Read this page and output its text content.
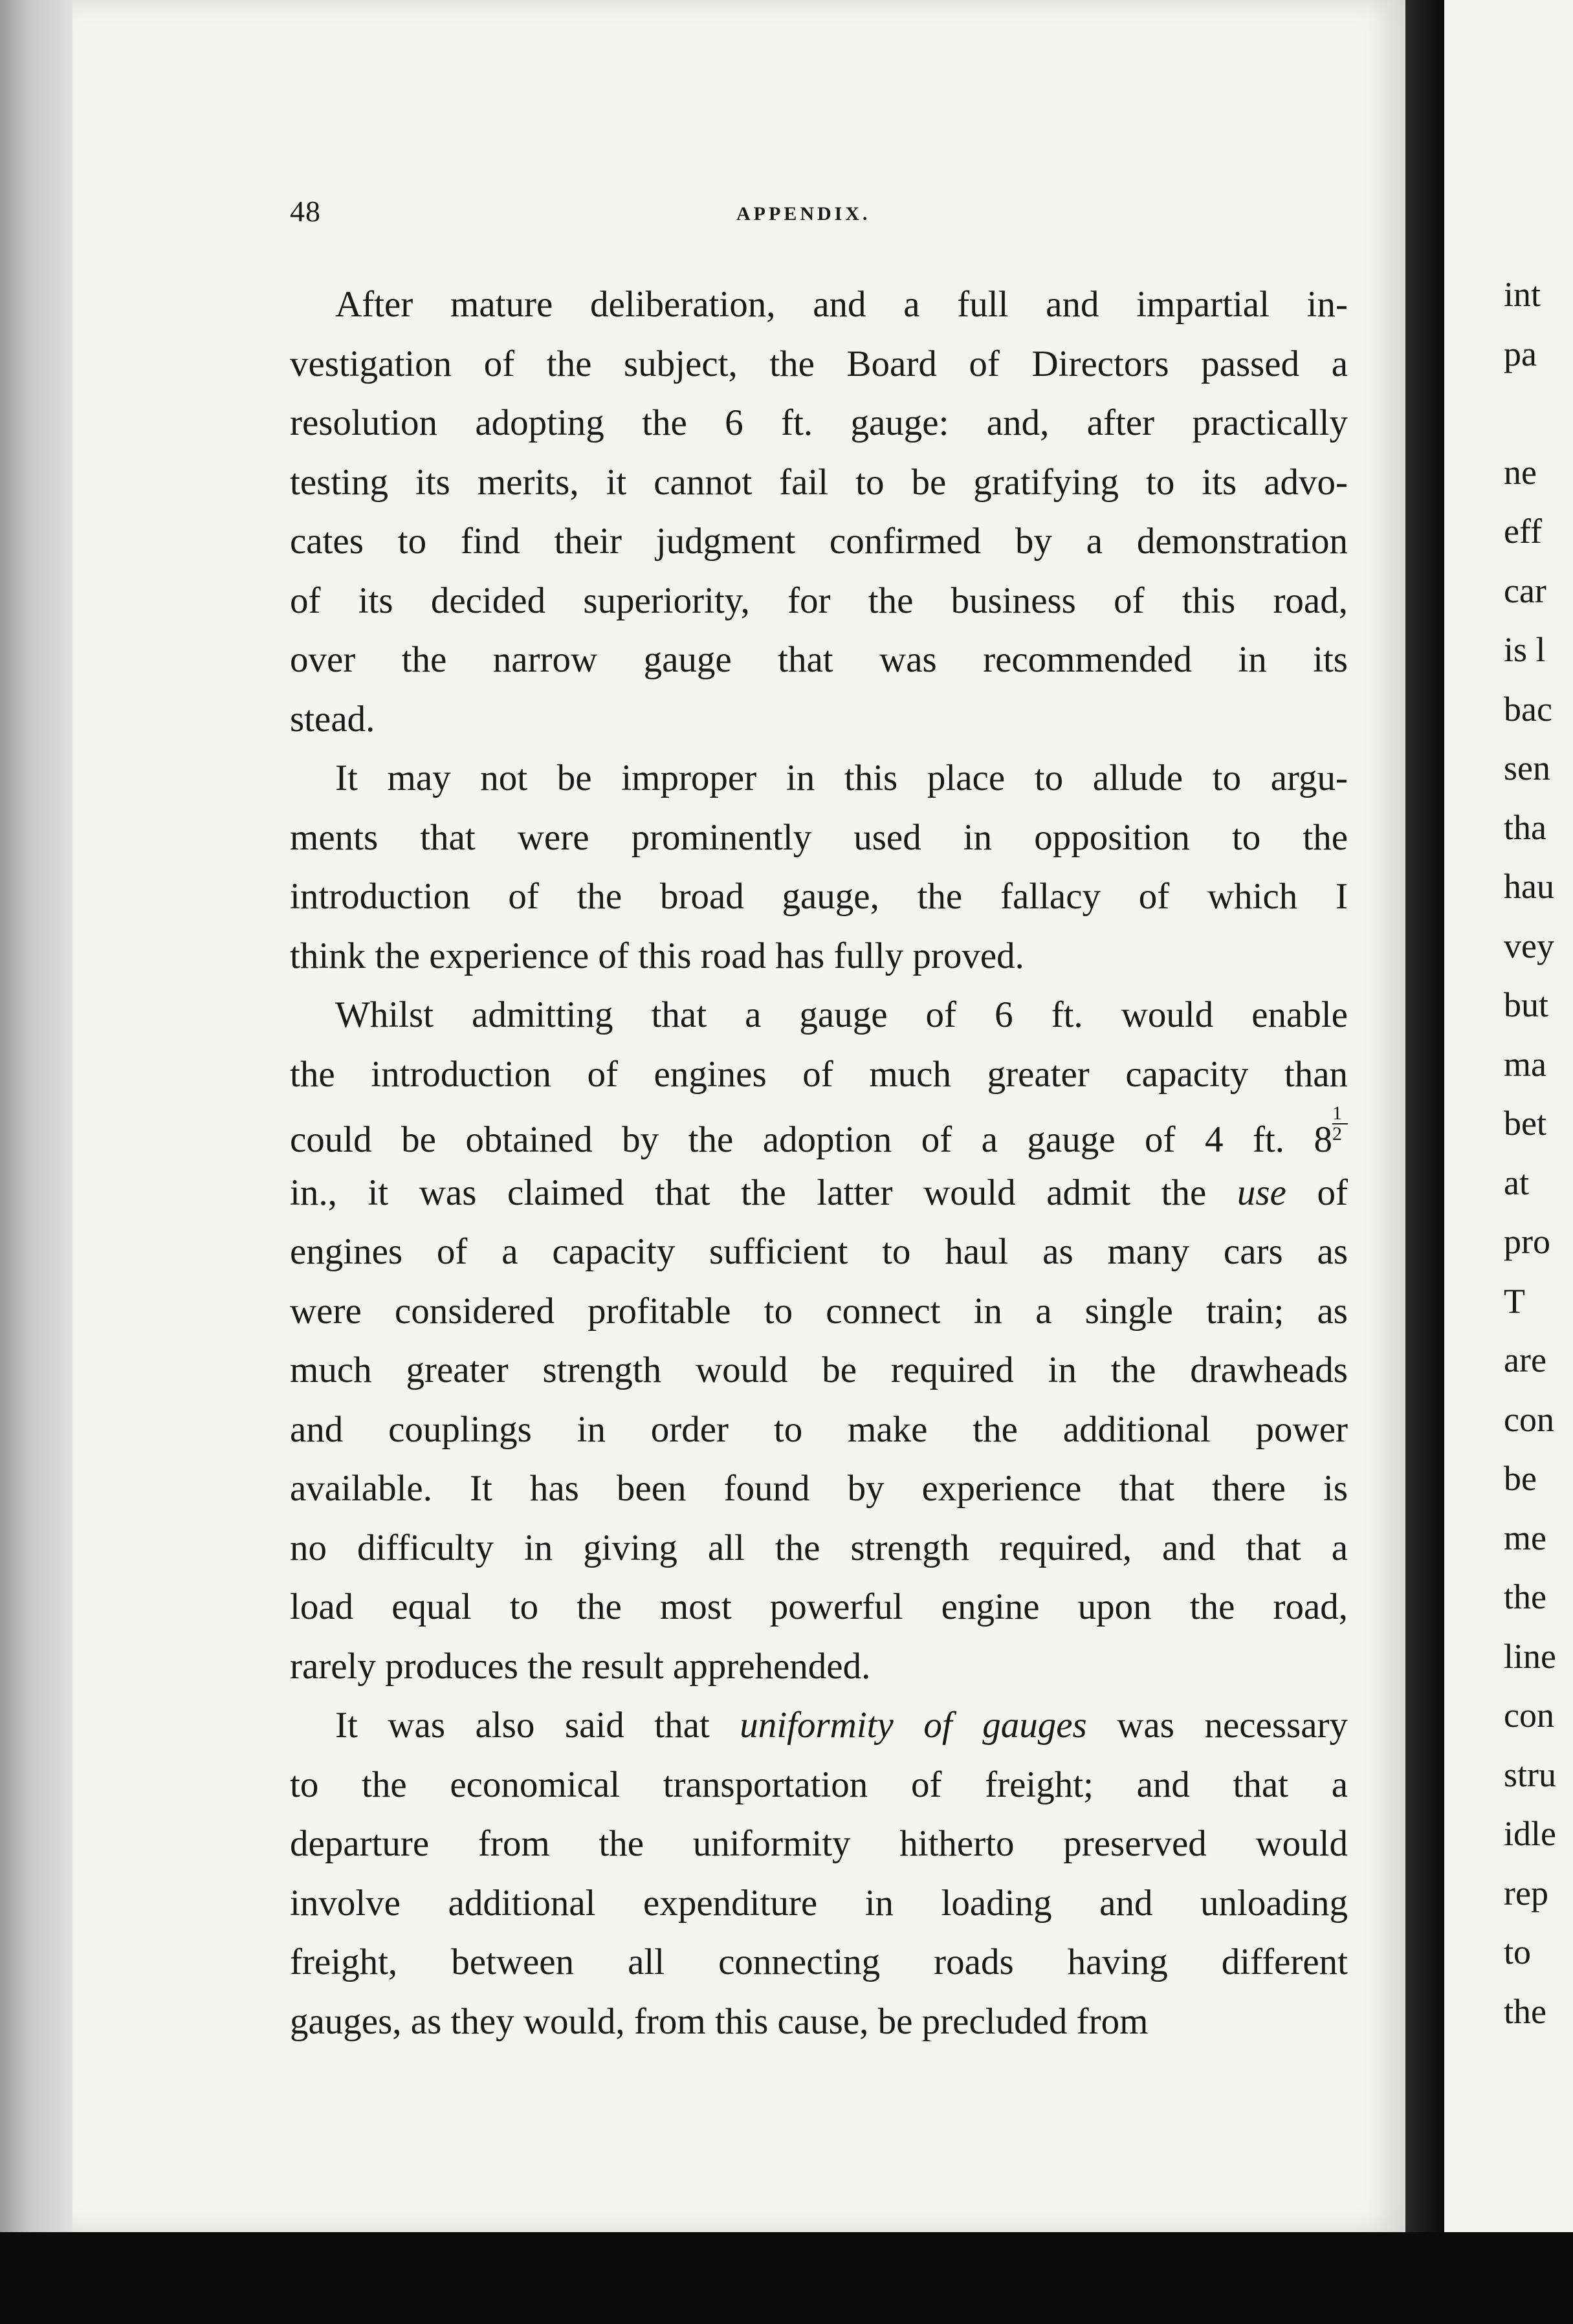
48	APPENDIX.
After mature deliberation, and a full and impartial in-
vestigation of the subject, the Board of Directors passed a
resolution adopting the 6 ft. gauge: and, after practically
testing its merits, it cannot fail to be gratifying to its advo-
cates to find their judgment confirmed by a demonstration
of its decided superiority, for the business of this road,
over the narrow gauge that was recommended in its
stead.
It may not be improper in this place to allude to argu-
ments that were prominently used in opposition to the
introduction of the broad gauge, the fallacy of which I
think the experience of this road has fully proved.
Whilst admitting that a gauge of 6 ft. would enable
the introduction of engines of much greater capacity than
could be obtained by the adoption of a gauge of 4 ft. $8 \frac{1}{2}$
in., it was claimed that the latter would admit the use of
engines of a capacity sufficient to haul as many cars as
were considered profitable to connect in a single train; as
much greater strength would be required in the drawheads
and couplings in order to make the additional power
available. It has been found by experience that there is
no difficulty in giving all the strength required, and that a
load equal to the most powerful engine upon the road,
rarely produces the result apprehended.
It was also said that uniformity of gauges was necessary
to the economical transportation of freight; and that a
departure from the uniformity hitherto preserved would
involve additional expenditure in loading and unloading
freight, between all connecting roads having different
gauges, as they would, from this cause, be precluded from
int
pa
ne
eff
car
is l
bac
sen
tha
hau
vey
but
ma
bet
at
pro
T
are
con
be
me
the
line
con
stru
idle
rep
to
the
